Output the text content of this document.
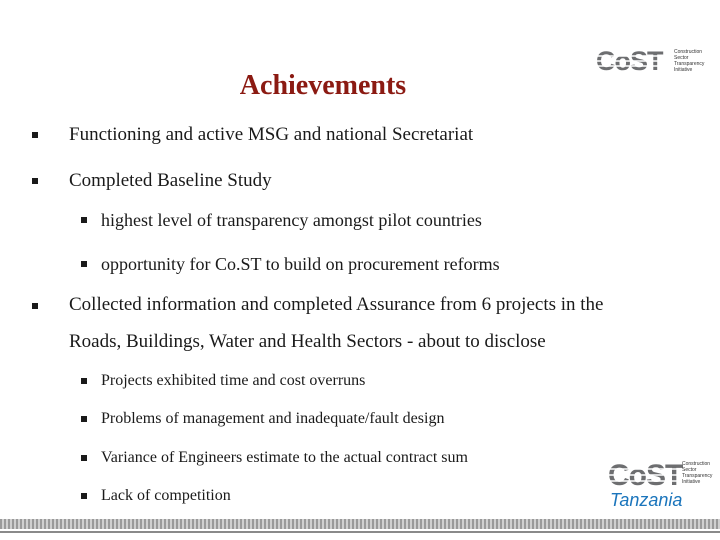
CoST	Construction
Sector
Transparency
Initiative
Achievements
Functioning and active MSG and national Secretariat
Completed Baseline Study
highest level of transparency amongst pilot countries
opportunity for Co.ST to build on procurement reforms
Collected information and completed Assurance from 6 projects in the
Roads, Buildings, Water and Health Sectors - about to disclose
Projects exhibited time and cost overruns
Problems of management and inadequate/fault design
Variance of Engineers estimate to the actual contract sum
Lack of competition
CoST Construction
Sector
Transparency
Initiative
Tanzania
